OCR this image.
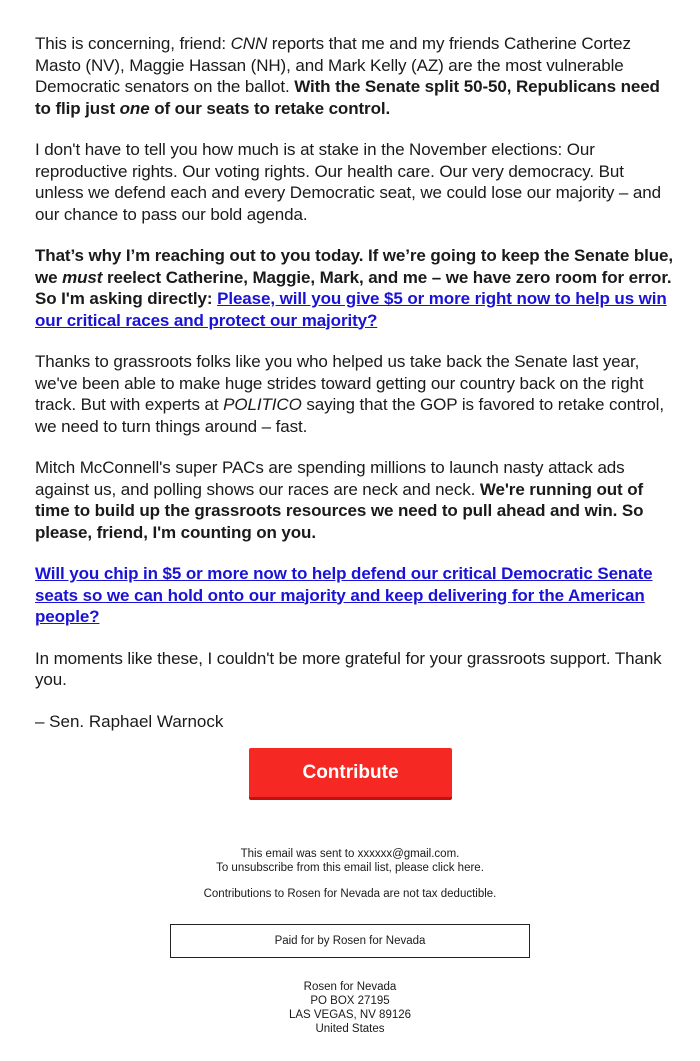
This is concerning, friend: CNN reports that me and my friends Catherine Cortez Masto (NV), Maggie Hassan (NH), and Mark Kelly (AZ) are the most vulnerable Democratic senators on the ballot. With the Senate split 50-50, Republicans need to flip just one of our seats to retake control.

I don't have to tell you how much is at stake in the November elections: Our reproductive rights. Our voting rights. Our health care. Our very democracy. But unless we defend each and every Democratic seat, we could lose our majority – and our chance to pass our bold agenda.

That’s why I’m reaching out to you today. If we’re going to keep the Senate blue, we must reelect Catherine, Maggie, Mark, and me – we have zero room for error. So I'm asking directly: Please, will you give $5 or more right now to help us win our critical races and protect our majority?

Thanks to grassroots folks like you who helped us take back the Senate last year, we've been able to make huge strides toward getting our country back on the right track. But with experts at POLITICO saying that the GOP is favored to retake control, we need to turn things around – fast.

Mitch McConnell's super PACs are spending millions to launch nasty attack ads against us, and polling shows our races are neck and neck. We're running out of time to build up the grassroots resources we need to pull ahead and win. So please, friend, I'm counting on you.

Will you chip in $5 or more now to help defend our critical Democratic Senate seats so we can hold onto our majority and keep delivering for the American people?

In moments like these, I couldn't be more grateful for your grassroots support. Thank you.

– Sen. Raphael Warnock

Contribute

This email was sent to xxxxxx@gmail.com.

To unsubscribe from this email list, please click here.

Contributions to Rosen for Nevada are not tax deductible.

Paid for by Rosen for Nevada
Rosen for Nevada
PO BOX 27195
LAS VEGAS, NV 89126
United States
